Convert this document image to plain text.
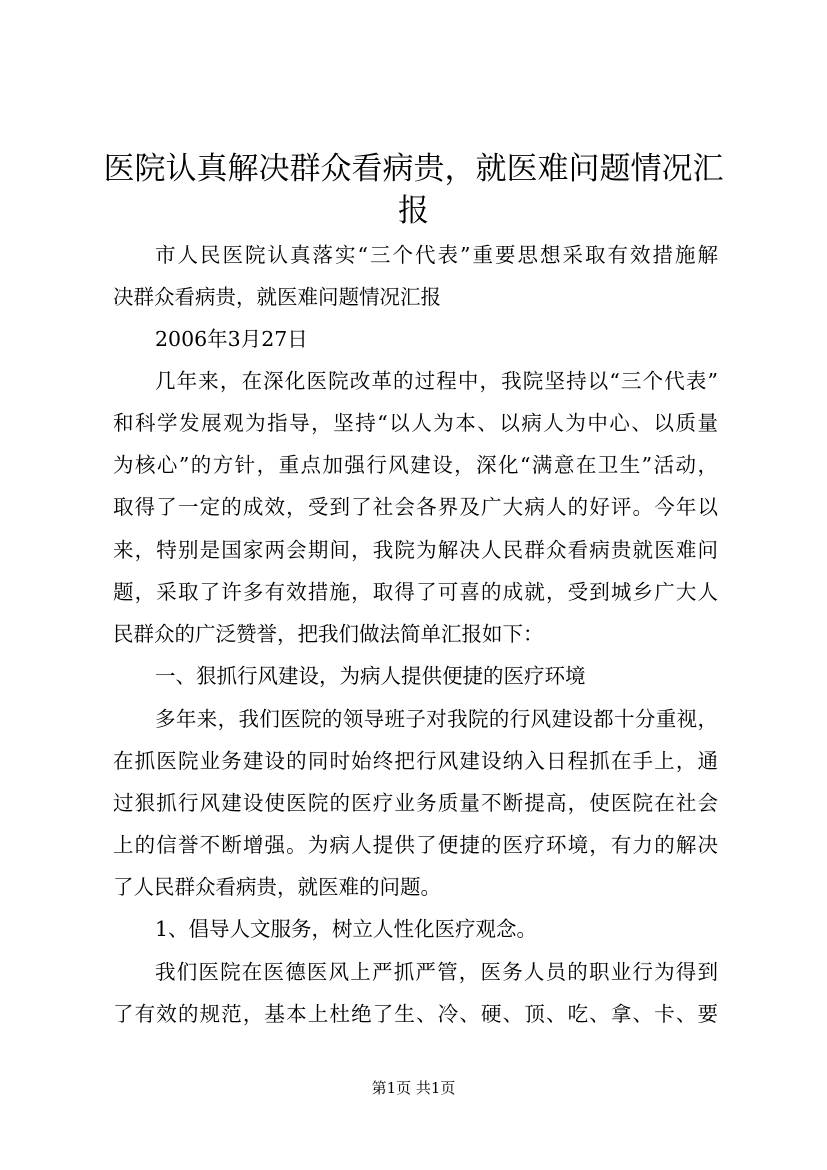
医院认真解决群众看病贵，就医难问题情况汇
报
市人民医院认真落实“三个代表”重要思想采取有效措施解
决群众看病贵，就医难问题情况汇报
2006年3月27日
几年来，在深化医院改革的过程中，我院坚持以“三个代表”
和科学发展观为指导，坚持“以人为本、以病人为中心、以质量
为核心”的方针，重点加强行风建设，深化“满意在卫生”活动，
取得了一定的成效，受到了社会各界及广大病人的好评。今年以
来，特别是国家两会期间，我院为解决人民群众看病贵就医难问
题，采取了许多有效措施，取得了可喜的成就，受到城乡广大人
民群众的广泛赞誉，把我们做法简单汇报如下：
一、狠抓行风建设，为病人提供便捷的医疗环境
多年来，我们医院的领导班子对我院的行风建设都十分重视，
在抓医院业务建设的同时始终把行风建设纳入日程抓在手上，通
过狠抓行风建设使医院的医疗业务质量不断提高，使医院在社会
上的信誉不断增强。为病人提供了便捷的医疗环境，有力的解决
了人民群众看病贵，就医难的问题。
1、倡导人文服务，树立人性化医疗观念。
我们医院在医德医风上严抓严管，医务人员的职业行为得到
了有效的规范，基本上杜绝了生、冷、硬、顶、吃、拿、卡、要
第1页 共1页
